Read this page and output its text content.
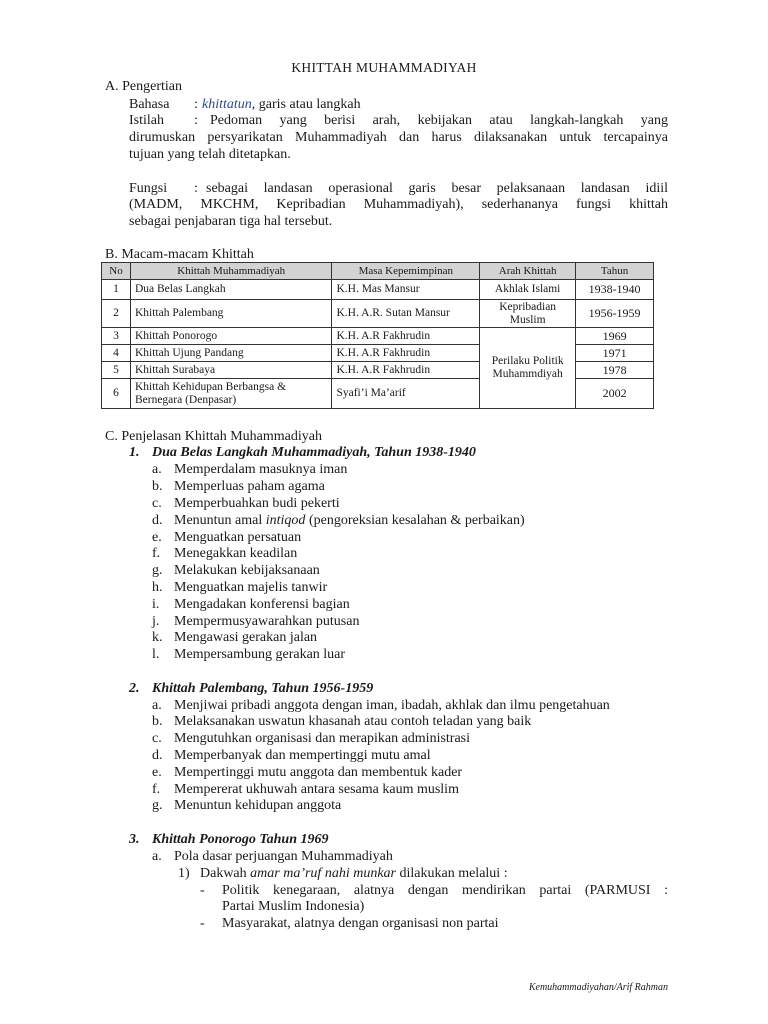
KHITTAH MUHAMMADIYAH
A. Pengertian
Bahasa : khittatun, garis atau langkah
Istilah : Pedoman yang berisi arah, kebijakan atau langkah-langkah yang
dirumuskan persyarikatan Muhammadiyah dan harus dilaksanakan untuk tercapainya
tujuan yang telah ditetapkan.
Fungsi : sebagai landasan operasional garis besar pelaksanaan landasan idiil
(MADM, MKCHM, Kepribadian Muhammadiyah), sederhananya fungsi khittah
sebagai penjabaran tiga hal tersebut.
B. Macam-macam Khittah
No	Khittah Muhammadiyah	Masa Kepemimpinan	Arah Khittah	Tahun
1	Dua Belas Langkah	K.H. Mas Mansur	Akhlak Islami	1938-1940
2	Khittah Palembang	K.H. A.R. Sutan Mansur	Kepribadian Muslim	1956-1959
3	Khittah Ponorogo	K.H. A.R Fakhrudin	Perilaku Politik Muhammdiyah	1969
4	Khittah Ujung Pandang	K.H. A.R Fakhrudin		1971
5	Khittah Surabaya	K.H. A.R Fakhrudin		1978
6	Khittah Kehidupan Berbangsa & Bernegara (Denpasar)	Syafi’i Ma’arif		2002
C. Penjelasan Khittah Muhammadiyah
1. Dua Belas Langkah Muhammadiyah, Tahun 1938-1940
a. Memperdalam masuknya iman
b. Memperluas paham agama
c. Memperbuahkan budi pekerti
d. Menuntun amal intiqod (pengoreksian kesalahan & perbaikan)
e. Menguatkan persatuan
f. Menegakkan keadilan
g. Melakukan kebijaksanaan
h. Menguatkan majelis tanwir
i. Mengadakan konferensi bagian
j. Mempermusyawarahkan putusan
k. Mengawasi gerakan jalan
l. Mempersambung gerakan luar
2. Khittah Palembang, Tahun 1956-1959
a. Menjiwai pribadi anggota dengan iman, ibadah, akhlak dan ilmu pengetahuan
b. Melaksanakan uswatun khasanah atau contoh teladan yang baik
c. Mengutuhkan organisasi dan merapikan administrasi
d. Memperbanyak dan mempertinggi mutu amal
e. Mempertinggi mutu anggota dan membentuk kader
f. Mempererat ukhuwah antara sesama kaum muslim
g. Menuntun kehidupan anggota
3. Khittah Ponorogo Tahun 1969
a. Pola dasar perjuangan Muhammadiyah
1) Dakwah amar ma’ruf nahi munkar dilakukan melalui :
- Politik kenegaraan, alatnya dengan mendirikan partai (PARMUSI :
Partai Muslim Indonesia)
- Masyarakat, alatnya dengan organisasi non partai
Kemuhammadiyahan/Arif Rahman
